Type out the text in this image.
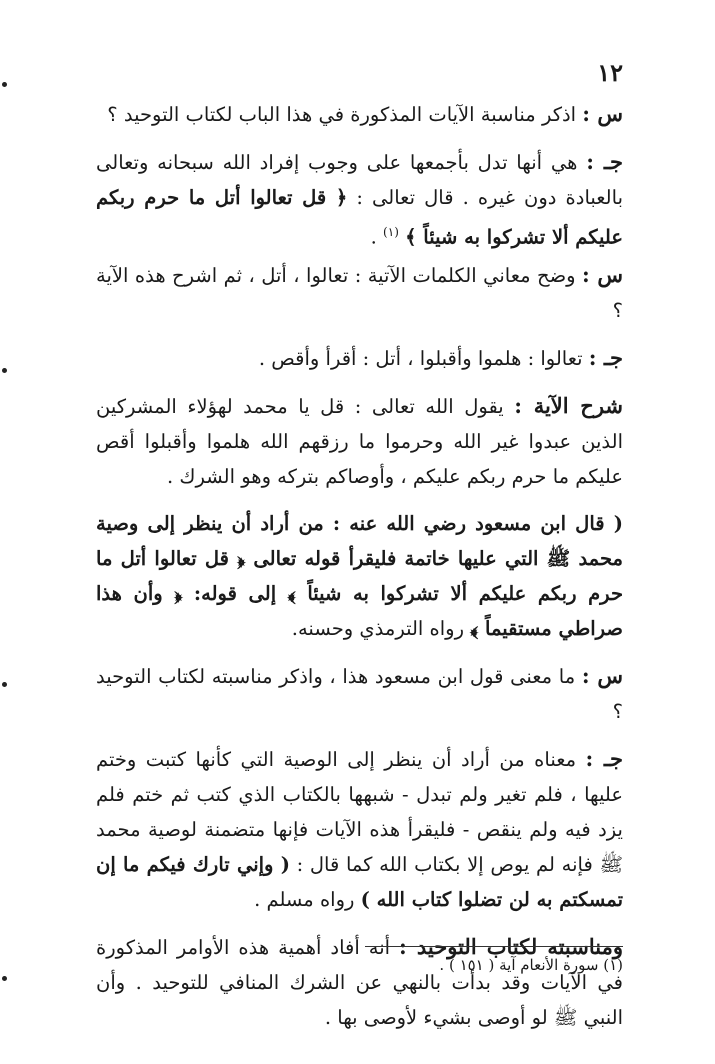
١٢

س : اذكر مناسبة الآيات المذكورة في هذا الباب لكتاب التوحيد ؟

جـ : هي أنها تدل بأجمعها على وجوب إفراد الله سبحانه وتعالى بالعبادة دون غيره . قال تعالى : ﴿ قل تعالوا أتل ما حرم ربكم عليكم ألا تشركوا به شيئاً ﴾ $^{(١)}$ .

س : وضح معاني الكلمات الآتية : تعالوا ، أتل ، ثم اشرح هذه الآية ؟

جـ : تعالوا : هلموا وأقبلوا ، أتل : أقرأ وأقص .

شرح الآية : يقول الله تعالى : قل يا محمد لهؤلاء المشركين الذين عبدوا غير الله وحرموا ما رزقهم الله هلموا وأقبلوا أقص عليكم ما حرم ربكم عليكم ، وأوصاكم بتركه وهو الشرك .

( قال ابن مسعود رضي الله عنه : من أراد أن ينظر إلى وصية محمد ﷺ التي عليها خاتمة فليقرأ قوله تعالى ﴿ قل تعالوا أتل ما حرم ربكم عليكم ألا تشركوا به شيئاً ﴾ إلى قوله: ﴿ وأن هذا صراطي مستقيماً ﴾ رواه الترمذي وحسنه.

س : ما معنى قول ابن مسعود هذا ، واذكر مناسبته لكتاب التوحيد ؟

جـ : معناه من أراد أن ينظر إلى الوصية التي كأنها كتبت وختم عليها ، فلم تغير ولم تبدل - شبهها بالكتاب الذي كتب ثم ختم فلم يزد فيه ولم ينقص - فليقرأ هذه الآيات فإنها متضمنة لوصية محمد ﷺ فإنه لم يوص إلا بكتاب الله كما قال : ( وإني تارك فيكم ما إن تمسكتم به لن تضلوا كتاب الله ) رواه مسلم .

ومناسبته لكتاب التوحيد : أنه أفاد أهمية هذه الأوامر المذكورة في الآيات وقد بدأت بالنهي عن الشرك المنافي للتوحيد . وأن النبي ﷺ لو أوصى بشيء لأوصى بها .

(١) سورة الأنعام آية ( ١٥١ ) .
